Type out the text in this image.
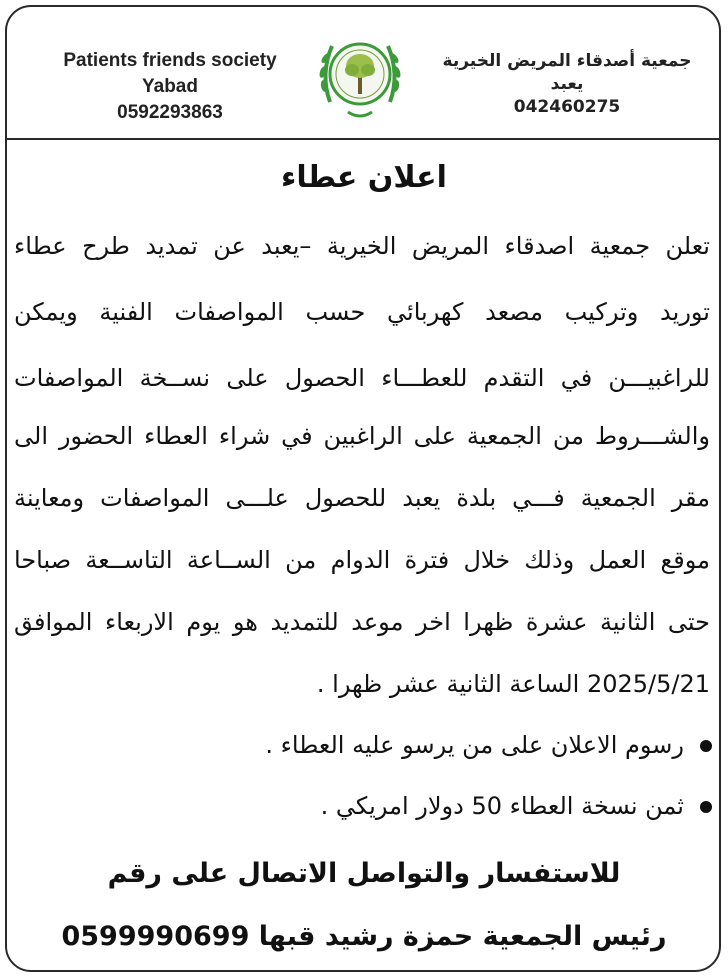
Patients friends society
Yabad
0592293863
جمعية أصدقاء المريض الخيرية
يعبد
042460275
اعلان عطاء
تعلن جمعية اصدقاء المريض الخيرية –يعبد عن تمديد طرح عطاء
توريد وتركيب مصعد كهربائي حسب المواصفات الفنية ويمكن
للراغبيـــن في التقدم للعطـــاء الحصول على نســخة المواصفات
والشـــروط من الجمعية على الراغبين في شراء العطاء الحضور الى
مقر الجمعية فـــي بلدة يعبد للحصول علـــى المواصفات ومعاينة
موقع العمل وذلك خلال فترة الدوام من الســاعة التاســعة صباحا
حتى الثانية عشرة ظهرا اخر موعد للتمديد هو يوم الاربعاء الموافق
2025/5/21 الساعة الثانية عشر ظهرا .
رسوم الاعلان على من يرسو عليه العطاء .
ثمن نسخة العطاء 50 دولار امريكي .
للاستفسار والتواصل الاتصال على رقم
رئيس الجمعية حمزة رشيد قبها 0599990699
